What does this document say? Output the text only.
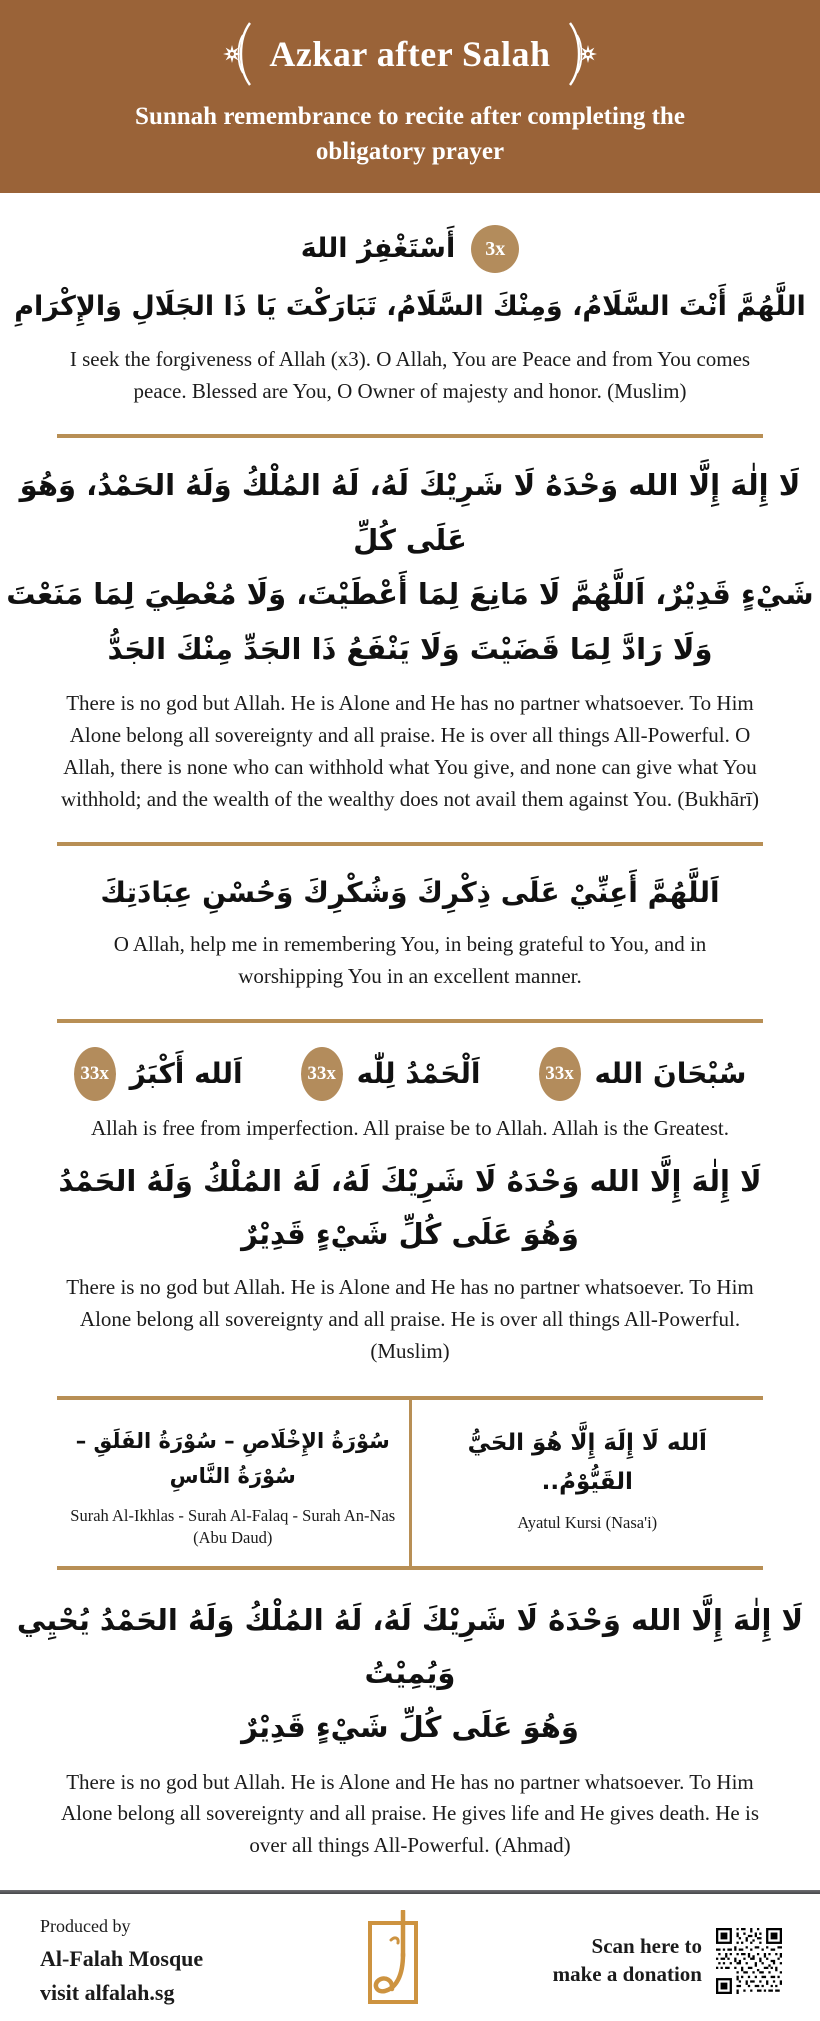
Azkar after Salah
Sunnah remembrance to recite after completing the obligatory prayer
أَسْتَغْفِرُ اللهَ	3x
اللَّهُمَّ أَنْتَ السَّلَامُ، وَمِنْكَ السَّلَامُ، تَبَارَكْتَ يَا ذَا الجَلَالِ وَالإِكْرَامِ
I seek the forgiveness of Allah (x3). O Allah, You are Peace and from You comes peace. Blessed are You, O Owner of majesty and honor. (Muslim)
لَا إِلٰهَ إِلَّا الله وَحْدَهُ لَا شَرِيْكَ لَهُ، لَهُ المُلْكُ وَلَهُ الحَمْدُ، وَهُوَ عَلَى كُلِّ
شَيْءٍ قَدِيْرٌ، اَللَّهُمَّ لَا مَانِعَ لِمَا أَعْطَيْتَ، وَلَا مُعْطِيَ لِمَا مَنَعْتَ
وَلَا رَادَّ لِمَا قَضَيْتَ وَلَا يَنْفَعُ ذَا الجَدِّ مِنْكَ الجَدُّ
There is no god but Allah. He is Alone and He has no partner whatsoever. To Him Alone belong all sovereignty and all praise. He is over all things All-Powerful. O Allah, there is none who can withhold what You give, and none can give what You withhold; and the wealth of the wealthy does not avail them against You. (Bukhārī)
اَللَّهُمَّ أَعِنِّيْ عَلَى ذِكْرِكَ وَشُكْرِكَ وَحُسْنِ عِبَادَتِكَ
O Allah, help me in remembering You, in being grateful to You, and in worshipping You in an excellent manner.
سُبْحَانَ الله
33x
اَلْحَمْدُ لِلّٰه
33x
اَلله أَكْبَرُ
33x
Allah is free from imperfection. All praise be to Allah. Allah is the Greatest.
لَا إِلٰهَ إِلَّا الله وَحْدَهُ لَا شَرِيْكَ لَهُ، لَهُ المُلْكُ وَلَهُ الحَمْدُ
وَهُوَ عَلَى كُلِّ شَيْءٍ قَدِيْرٌ
There is no god but Allah. He is Alone and He has no partner whatsoever. To Him Alone belong all sovereignty and all praise. He is over all things All-Powerful. (Muslim)
سُوْرَةُ الإِخْلَاصِ – سُوْرَةُ الفَلَقِ – سُوْرَةُ النَّاسِ
Surah Al-Ikhlas - Surah Al-Falaq - Surah An-Nas
(Abu Daud)
اَلله لَا إِلَهَ إِلَّا هُوَ الحَيُّ القَيُّوْمُ..
Ayatul Kursi (Nasa'i)
لَا إِلٰهَ إِلَّا الله وَحْدَهُ لَا شَرِيْكَ لَهُ، لَهُ المُلْكُ وَلَهُ الحَمْدُ يُحْيِي وَيُمِيْتُ
وَهُوَ عَلَى كُلِّ شَيْءٍ قَدِيْرٌ
There is no god but Allah. He is Alone and He has no partner whatsoever. To Him Alone belong all sovereignty and all praise. He gives life and He gives death. He is over all things All-Powerful. (Ahmad)
Produced by
Al-Falah Mosque
visit alfalah.sg
Scan here to
make a donation
